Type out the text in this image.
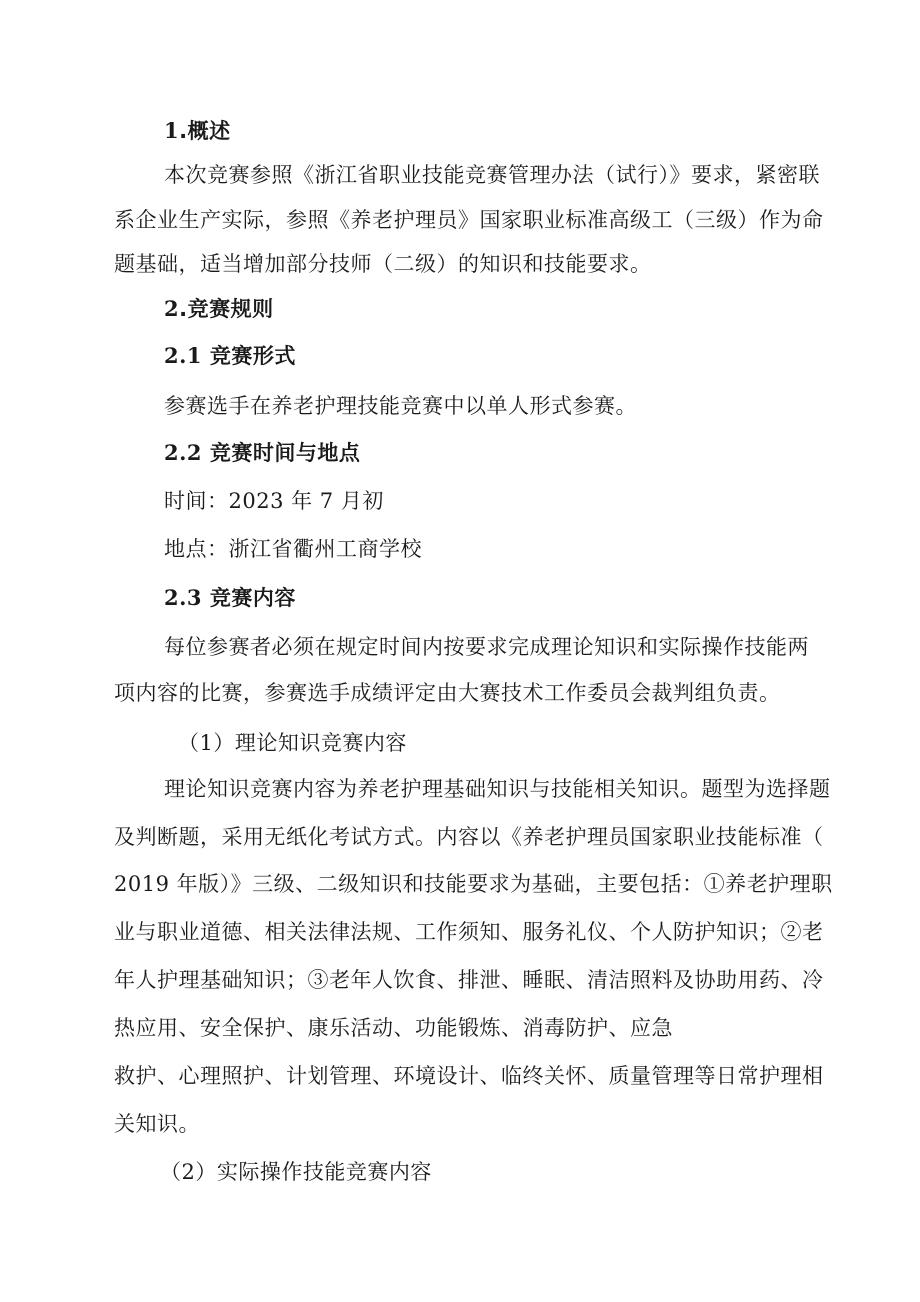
1.概述
本次竞赛参照《浙江省职业技能竞赛管理办法（试行）》要求，紧密联
系企业生产实际，参照《养老护理员》国家职业标准高级工（三级）作为命
题基础，适当增加部分技师（二级）的知识和技能要求。
2.竞赛规则
2.1 竞赛形式
参赛选手在养老护理技能竞赛中以单人形式参赛。
2.2 竞赛时间与地点
时间：2023 年 7 月初
地点：浙江省衢州工商学校
2.3 竞赛内容
每位参赛者必须在规定时间内按要求完成理论知识和实际操作技能两
项内容的比赛，参赛选手成绩评定由大赛技术工作委员会裁判组负责。
（1）理论知识竞赛内容
理论知识竞赛内容为养老护理基础知识与技能相关知识。题型为选择题
及判断题，采用无纸化考试方式。内容以《养老护理员国家职业技能标准（
2019 年版）》三级、二级知识和技能要求为基础，主要包括：①养老护理职
业与职业道德、相关法律法规、工作须知、服务礼仪、个人防护知识；②老
年人护理基础知识；③老年人饮食、排泄、睡眠、清洁照料及协助用药、冷
热应用、安全保护、康乐活动、功能锻炼、消毒防护、应急
救护、心理照护、计划管理、环境设计、临终关怀、质量管理等日常护理相
关知识。
（2）实际操作技能竞赛内容
